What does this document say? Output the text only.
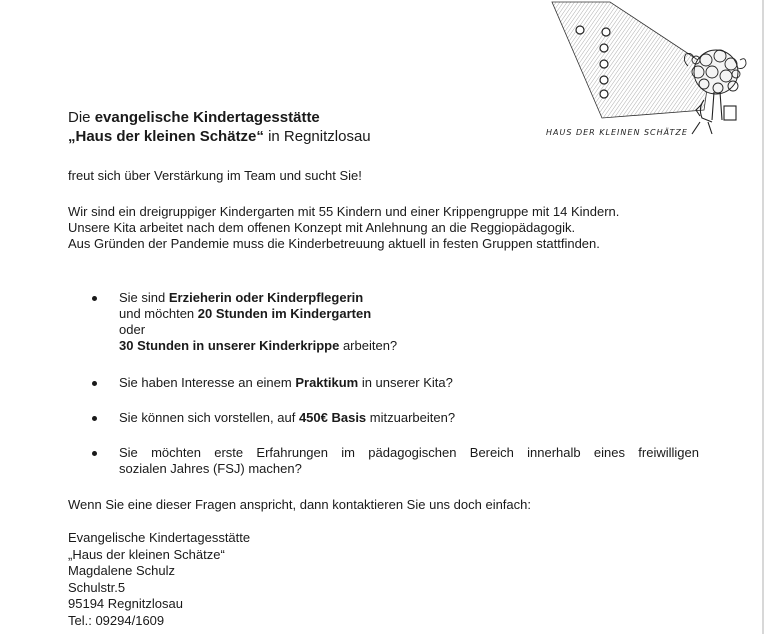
HAUS DER KLEINEN SCHÄTZE
Die evangelische Kindertagesstätte
„Haus der kleinen Schätze“ in Regnitzlosau
freut sich über Verstärkung im Team und sucht Sie!
Wir sind ein dreigruppiger Kindergarten mit 55 Kindern und einer Krippengruppe mit 14 Kindern.
Unsere Kita arbeitet nach dem offenen Konzept mit Anlehnung an die Reggiopädagogik.
Aus Gründen der Pandemie muss die Kinderbetreuung aktuell in festen Gruppen stattfinden.
Sie sind Erzieherin oder Kinderpflegerin
und möchten 20 Stunden im Kindergarten
oder
30 Stunden in unserer Kinderkrippe arbeiten?
Sie haben Interesse an einem Praktikum in unserer Kita?
Sie können sich vorstellen, auf 450€ Basis mitzuarbeiten?
Sie möchten erste Erfahrungen im pädagogischen Bereich innerhalb eines freiwilligen
sozialen Jahres (FSJ) machen?
Wenn Sie eine dieser Fragen anspricht, dann kontaktieren Sie uns doch einfach:
Evangelische Kindertagesstätte
„Haus der kleinen Schätze“
Magdalene Schulz
Schulstr.5
95194 Regnitzlosau
Tel.: 09294/1609
